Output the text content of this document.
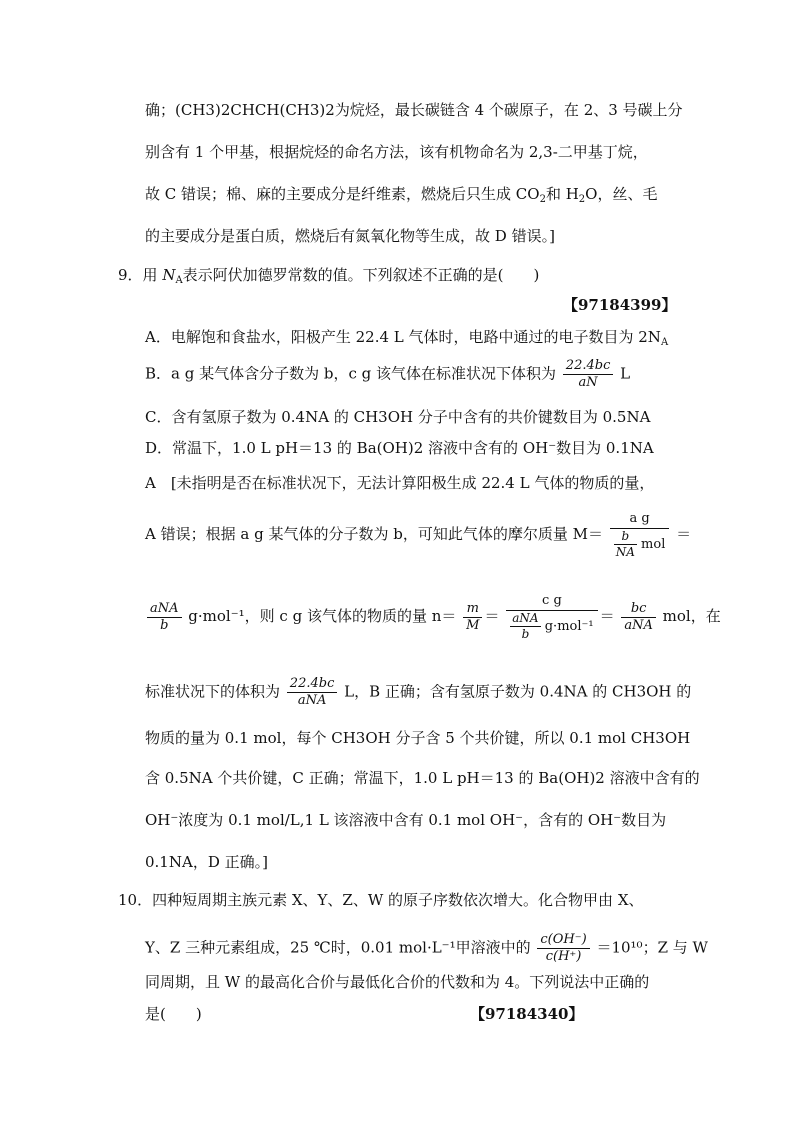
确；(CH3)2CHCH(CH3)2为烷烃，最长碳链含 4 个碳原子，在 2、3 号碳上分
别含有 1 个甲基，根据烷烃的命名方法，该有机物命名为 2,3-二甲基丁烷，
故 C 错误；棉、麻的主要成分是纤维素，燃烧后只生成 $CO_2$和 $H_2O$，丝、毛
的主要成分是蛋白质，燃烧后有氮氧化物等生成，故 D 错误。]
9．用 $N_A$表示阿伏加德罗常数的值。下列叙述不正确的是(　　)
【97184399】
A．电解饱和食盐水，阳极产生 22.4 L 气体时，电路中通过的电子数目为 $2N_A$
B．a g 某气体含分子数为 b，c g 该气体在标准状况下体积为 $\frac{22.4bc}{aN}$ L
C．含有氢原子数为 0.4NA 的 CH3OH 分子中含有的共价键数目为 0.5NA
D．常温下，1.0 L pH＝13 的 Ba(OH)2 溶液中含有的 OH⁻数目为 0.1NA
A　[未指明是否在标准状况下，无法计算阳极生成 22.4 L 气体的物质的量，
A 错误；根据 a g 某气体的分子数为 b，可知此气体的摩尔质量 $M= \frac{\text{a g}}{\frac{b}{NA} mol}$ ＝
$\frac{\text{aNA}}{b} g\cdot mol^{-1}$，则 c g 该气体的物质的量 $n= \frac{m}{M} = \frac{\text{c g}}{\frac{\text{aNA}}{b} g\cdot mol^{-1}} = \frac{bc}{\text{aNA}}$ mol，在
标准状况下的体积为 $\frac{22.4bc}{\text{aNA}}$ L，B 正确；含有氢原子数为 0.4NA 的 CH3OH 的
物质的量为 0.1 mol，每个 CH3OH 分子含 5 个共价键，所以 0.1 mol CH3OH
含 0.5NA 个共价键，C 正确；常温下，1.0 L pH＝13 的 Ba(OH)2 溶液中含有的
OH⁻浓度为 0.1 mol/L,1 L 该溶液中含有 0.1 mol OH⁻，含有的 OH⁻数目为
0.1NA，D 正确。]
10．四种短周期主族元素 X、Y、Z、W 的原子序数依次增大。化合物甲由 X、
Y、Z 三种元素组成，25 ℃时，0.01 mol·L⁻¹甲溶液中的 $\frac{c(OH^-)}{c(H^+)} =10^{10}$；Z 与 W
同周期，且 W 的最高化合价与最低化合价的代数和为 4。下列说法中正确的
是(　　)	【97184340】
